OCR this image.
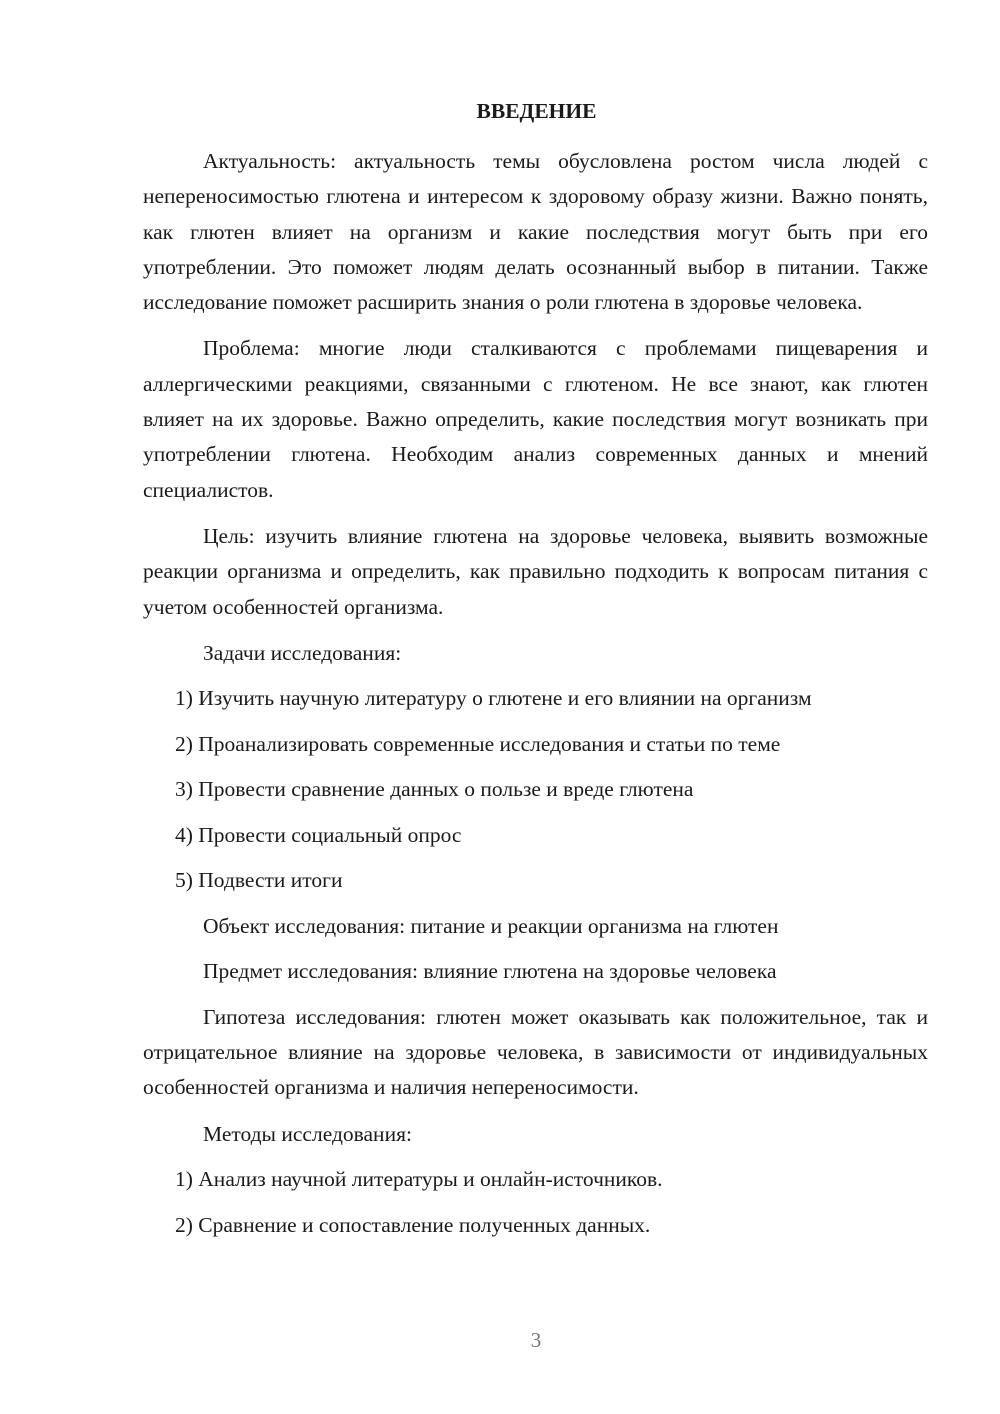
ВВЕДЕНИЕ

Актуальность: актуальность темы обусловлена ростом числа людей с непереносимостью глютена и интересом к здоровому образу жизни. Важно понять, как глютен влияет на организм и какие последствия могут быть при его употреблении. Это поможет людям делать осознанный выбор в питании. Также исследование поможет расширить знания о роли глютена в здоровье человека.

Проблема: многие люди сталкиваются с проблемами пищеварения и аллергическими реакциями, связанными с глютеном. Не все знают, как глютен влияет на их здоровье. Важно определить, какие последствия могут возникать при употреблении глютена. Необходим анализ современных данных и мнений специалистов.

Цель: изучить влияние глютена на здоровье человека, выявить возможные реакции организма и определить, как правильно подходить к вопросам питания с учетом особенностей организма.

Задачи исследования:
1) Изучить научную литературу о глютене и его влиянии на организм
2) Проанализировать современные исследования и статьи по теме
3) Провести сравнение данных о пользе и вреде глютена
4) Провести социальный опрос
5) Подвести итоги
Объект исследования: питание и реакции организма на глютен
Предмет исследования: влияние глютена на здоровье человека

Гипотеза исследования: глютен может оказывать как положительное, так и отрицательное влияние на здоровье человека, в зависимости от индивидуальных особенностей организма и наличия непереносимости.

Методы исследования:
1) Анализ научной литературы и онлайн-источников.
2) Сравнение и сопоставление полученных данных.
3
